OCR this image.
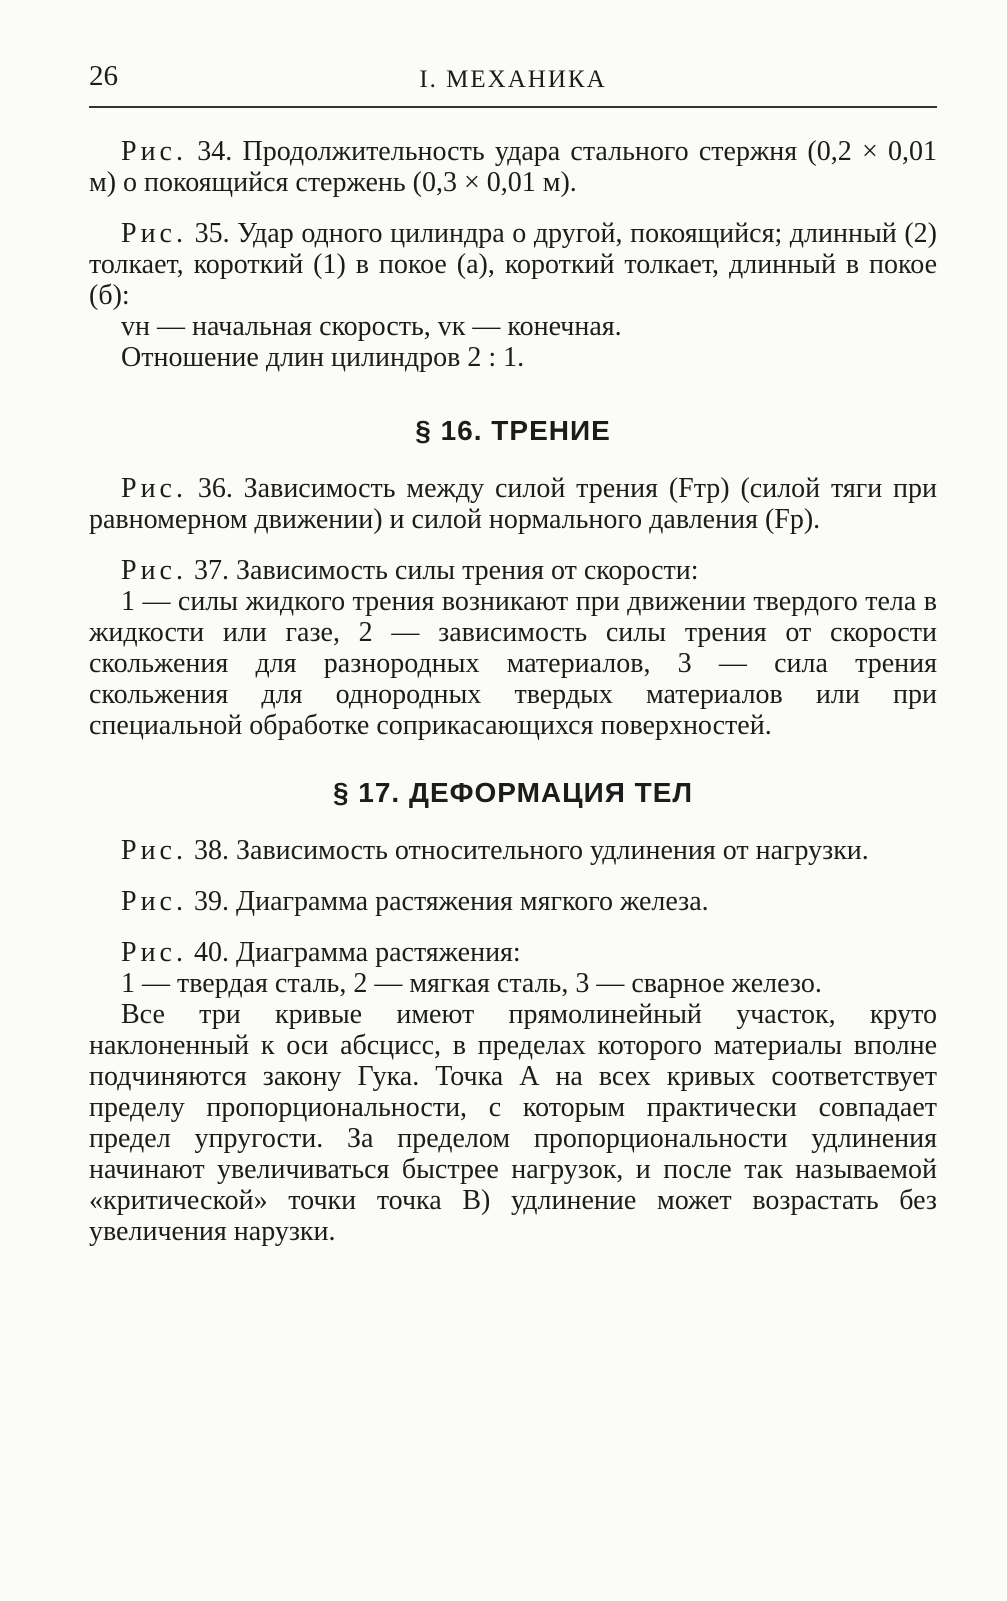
26	I. МЕХАНИКА

Рис. 34. Продолжительность удара стального стержня (0,2 × 0,01 м) о покоящийся стержень (0,3 × 0,01 м).

Рис. 35. Удар одного цилиндра о другой, покоящийся; длинный (2) толкает, короткий (1) в покое (а), короткий толкает, длинный в покое (б):

vн — начальная скорость, vк — конечная.

Отношение длин цилиндров 2 : 1.

§ 16. ТРЕНИЕ

Рис. 36. Зависимость между силой трения (Fтр) (силой тяги при равномерном движении) и силой нормального давления (Fр).

Рис. 37. Зависимость силы трения от скорости:

1 — силы жидкого трения возникают при движении твердого тела в жидкости или газе, 2 — зависимость силы трения от скорости скольжения для разнородных материалов, 3 — сила трения скольжения для однородных твердых материалов или при специальной обработке соприкасающихся поверхностей.

§ 17. ДЕФОРМАЦИЯ ТЕЛ

Рис. 38. Зависимость относительного удлинения от нагрузки.

Рис. 39. Диаграмма растяжения мягкого железа.

Рис. 40. Диаграмма растяжения:

1 — твердая сталь, 2 — мягкая сталь, 3 — сварное железо.

Все три кривые имеют прямолинейный участок, круто наклоненный к оси абсцисс, в пределах которого материалы вполне подчиняются закону Гука. Точка А на всех кривых соответствует пределу пропорциональности, с которым практически совпадает предел упругости. За пределом пропорциональности удлинения начинают увеличиваться быстрее нагрузок, и после так называемой «критической» точки точка В) удлинение может возрастать без увеличения нарузки.
